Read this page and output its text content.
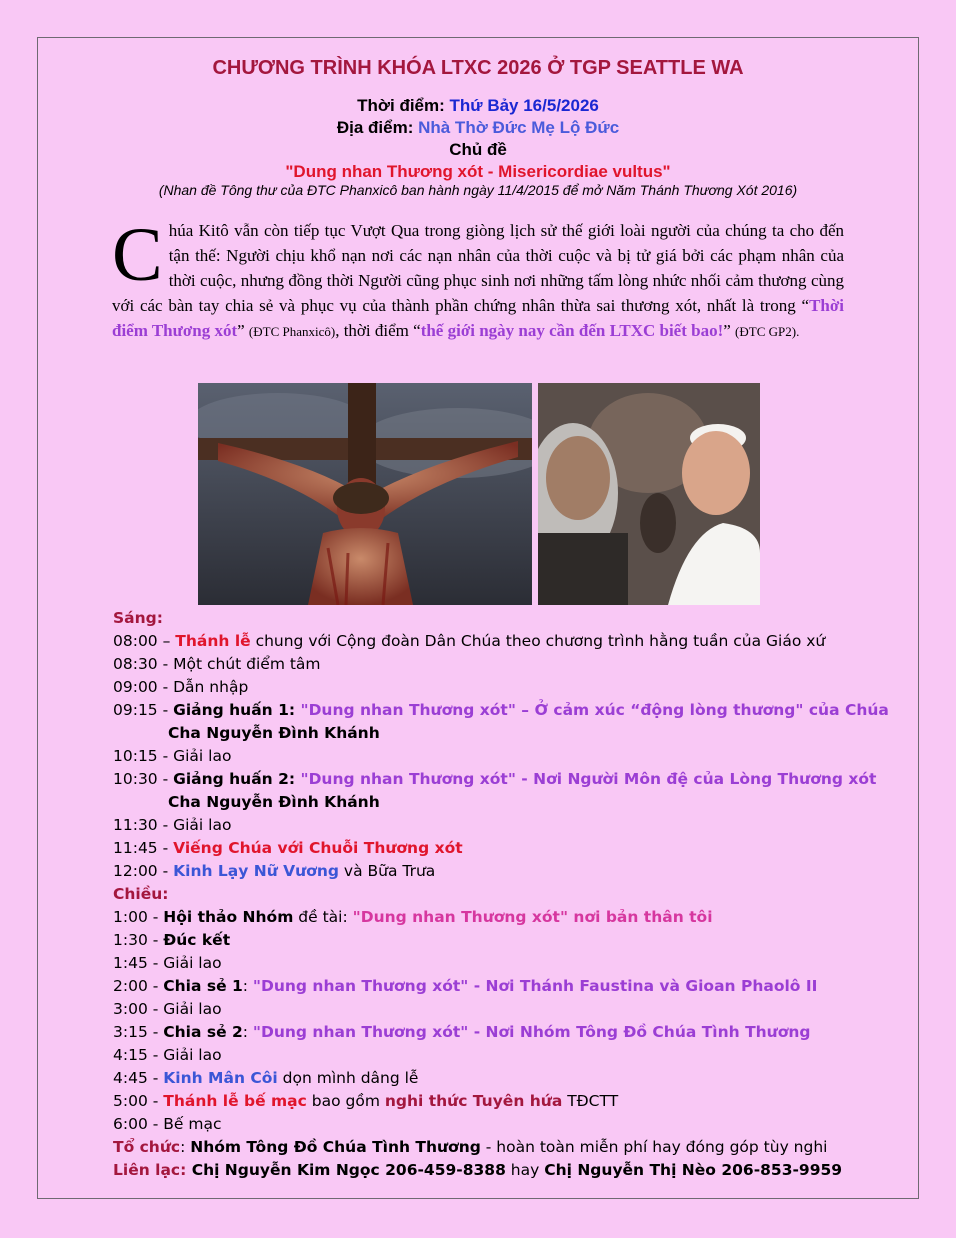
CHƯƠNG TRÌNH KHÓA LTXC 2026 Ở TGP SEATTLE WA
Thời điểm: Thứ Bảy 16/5/2026
Địa điểm: Nhà Thờ Đức Mẹ Lộ Đức
Chủ đề
"Dung nhan Thương xót - Misericordiae vultus"
(Nhan đề Tông thư của ĐTC Phanxicô ban hành ngày 11/4/2015 để mở Năm Thánh Thương Xót 2016)
Chúa Kitô vẫn còn tiếp tục Vượt Qua trong giòng lịch sử thế giới loài người của chúng ta cho đến tận thế: Người chịu khổ nạn nơi các nạn nhân của thời cuộc và bị tử giá bởi các phạm nhân của thời cuộc, nhưng đồng thời Người cũng phục sinh nơi những tấm lòng nhức nhối cảm thương cùng với các bàn tay chia sẻ và phục vụ của thành phần chứng nhân thừa sai thương xót, nhất là trong “Thời điểm Thương xót” (ĐTC Phanxicô), thời điểm “thế giới ngày nay cần đến LTXC biết bao!” (ĐTC GP2).
Sáng:
08:00 – Thánh lễ chung với Cộng đoàn Dân Chúa theo chương trình hằng tuần của Giáo xứ
08:30 - Một chút điểm tâm
09:00 - Dẫn nhập
09:15 - Giảng huấn 1: "Dung nhan Thương xót" – Ở cảm xúc “động lòng thương" của Chúa
Cha Nguyễn Đình Khánh
10:15 - Giải lao
10:30 - Giảng huấn 2: "Dung nhan Thương xót" - Nơi Người Môn đệ của Lòng Thương xót
Cha Nguyễn Đình Khánh
11:30 - Giải lao
11:45 - Viếng Chúa với Chuỗi Thương xót
12:00 - Kinh Lạy Nữ Vương và Bữa Trưa
Chiều:
1:00 - Hội thảo Nhóm đề tài: "Dung nhan Thương xót" nơi bản thân tôi
1:30 - Đúc kết
1:45 - Giải lao
2:00 - Chia sẻ 1: "Dung nhan Thương xót" - Nơi Thánh Faustina và Gioan Phaolô II
3:00 - Giải lao
3:15 - Chia sẻ 2: "Dung nhan Thương xót" - Nơi Nhóm Tông Đồ Chúa Tình Thương
4:15 - Giải lao
4:45 - Kinh Mân Côi dọn mình dâng lễ
5:00 - Thánh lễ bế mạc bao gồm nghi thức Tuyên hứa TĐCTT
6:00 - Bế mạc
Tổ chức: Nhóm Tông Đồ Chúa Tình Thương - hoàn toàn miễn phí hay đóng góp tùy nghi
Liên lạc: Chị Nguyễn Kim Ngọc 206-459-8388 hay Chị Nguyễn Thị Nèo 206-853-9959
